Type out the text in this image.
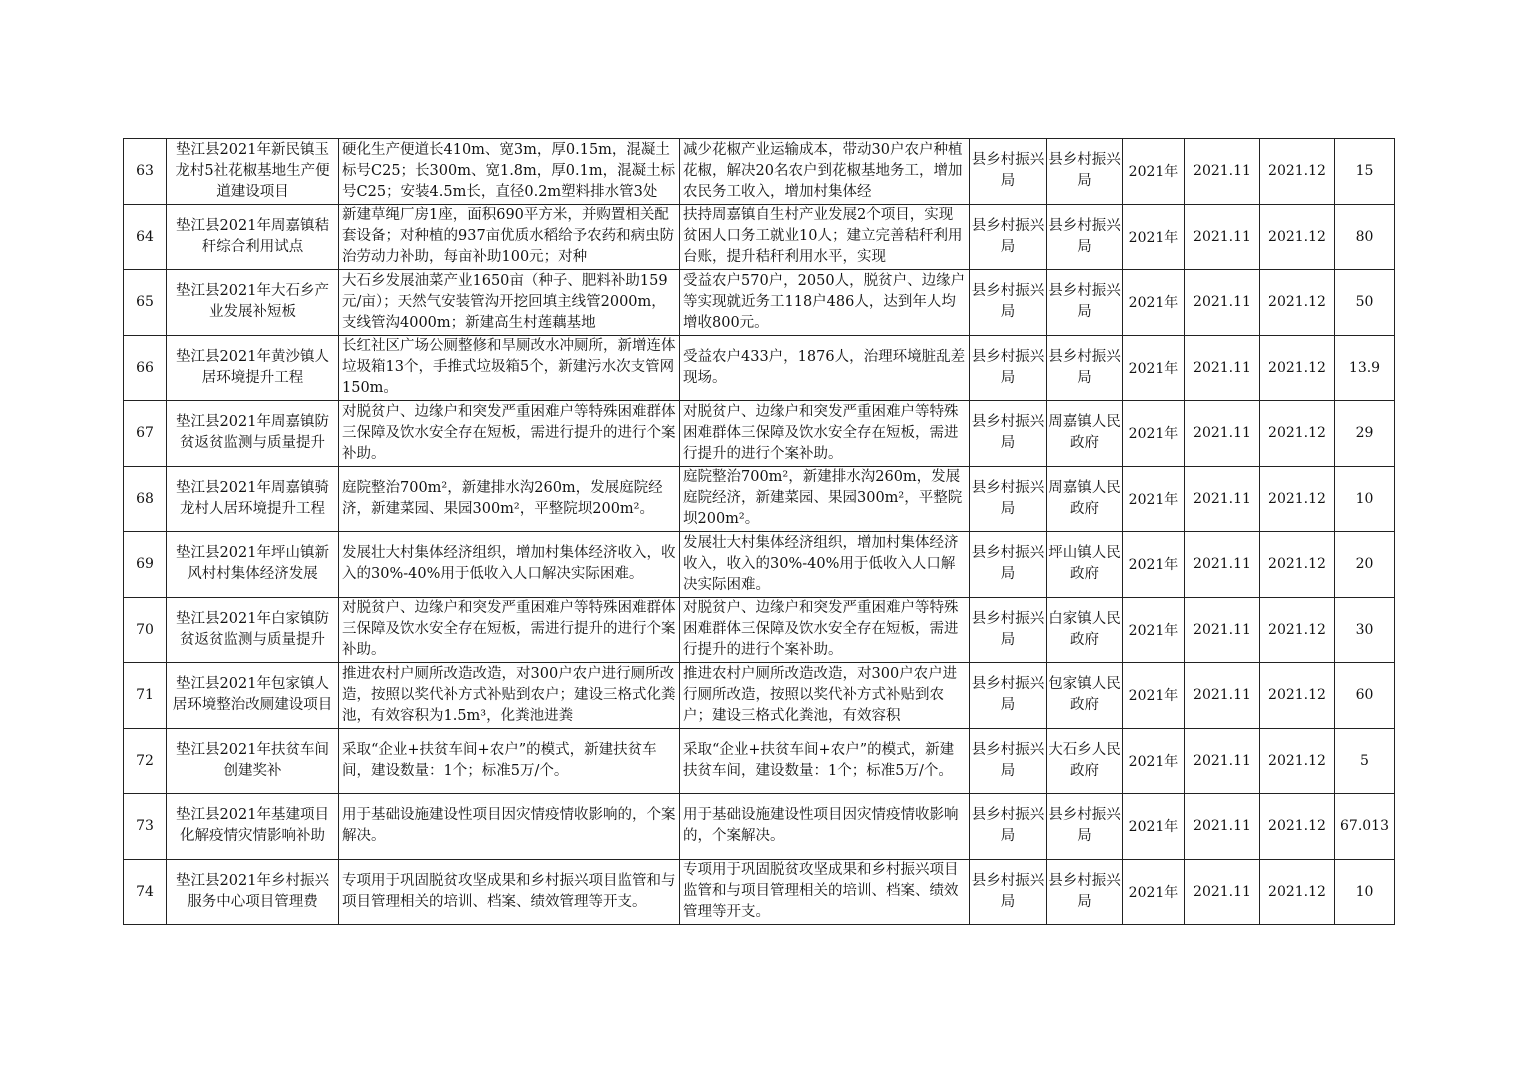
63	垫江县2021年新民镇玉龙村5社花椒基地生产便道建设项目	硬化生产便道长410m、宽3m，厚0.15m，混凝土标号C25；长300m、宽1.8m，厚0.1m，混凝土标号C25；安装4.5m长，直径0.2m塑料排水管3处	减少花椒产业运输成本，带动30户农户种植花椒，解决20名农户到花椒基地务工，增加农民务工收入，增加村集体经	县乡村振兴局	县乡村振兴局	2021年	2021.11	2021.12	15
64	垫江县2021年周嘉镇秸秆综合利用试点	新建草绳厂房1座，面积690平方米，并购置相关配套设备；对种植的937亩优质水稻给予农药和病虫防治劳动力补助，每亩补助100元；对种	扶持周嘉镇自生村产业发展2个项目，实现贫困人口务工就业10人；建立完善秸秆利用台账，提升秸秆利用水平，实现	县乡村振兴局	县乡村振兴局	2021年	2021.11	2021.12	80
65	垫江县2021年大石乡产业发展补短板	大石乡发展油菜产业1650亩（种子、肥料补助159元/亩）；天然气安装管沟开挖回填主线管2000m，支线管沟4000m；新建高生村莲藕基地	受益农户570户，2050人，脱贫户、边缘户等实现就近务工118户486人，达到年人均增收800元。	县乡村振兴局	县乡村振兴局	2021年	2021.11	2021.12	50
66	垫江县2021年黄沙镇人居环境提升工程	长红社区广场公厕整修和旱厕改水冲厕所，新增连体垃圾箱13个，手推式垃圾箱5个，新建污水次支管网150m。	受益农户433户，1876人，治理环境脏乱差现场。	县乡村振兴局	县乡村振兴局	2021年	2021.11	2021.12	13.9
67	垫江县2021年周嘉镇防贫返贫监测与质量提升	对脱贫户、边缘户和突发严重困难户等特殊困难群体三保障及饮水安全存在短板，需进行提升的进行个案补助。	对脱贫户、边缘户和突发严重困难户等特殊困难群体三保障及饮水安全存在短板，需进行提升的进行个案补助。	县乡村振兴局	周嘉镇人民政府	2021年	2021.11	2021.12	29
68	垫江县2021年周嘉镇骑龙村人居环境提升工程	庭院整治700m²，新建排水沟260m，发展庭院经济，新建菜园、果园300m²，平整院坝200m²。	庭院整治700m²，新建排水沟260m，发展庭院经济，新建菜园、果园300m²，平整院坝200m²。	县乡村振兴局	周嘉镇人民政府	2021年	2021.11	2021.12	10
69	垫江县2021年坪山镇新风村村集体经济发展	发展壮大村集体经济组织，增加村集体经济收入，收入的30%-40%用于低收入人口解决实际困难。	发展壮大村集体经济组织，增加村集体经济收入，收入的30%-40%用于低收入人口解决实际困难。	县乡村振兴局	坪山镇人民政府	2021年	2021.11	2021.12	20
70	垫江县2021年白家镇防贫返贫监测与质量提升	对脱贫户、边缘户和突发严重困难户等特殊困难群体三保障及饮水安全存在短板，需进行提升的进行个案补助。	对脱贫户、边缘户和突发严重困难户等特殊困难群体三保障及饮水安全存在短板，需进行提升的进行个案补助。	县乡村振兴局	白家镇人民政府	2021年	2021.11	2021.12	30
71	垫江县2021年包家镇人居环境整治改厕建设项目	推进农村户厕所改造改造，对300户农户进行厕所改造，按照以奖代补方式补贴到农户；建设三格式化粪池，有效容积为1.5m³，化粪池进粪	推进农村户厕所改造改造，对300户农户进行厕所改造，按照以奖代补方式补贴到农户；建设三格式化粪池，有效容积	县乡村振兴局	包家镇人民政府	2021年	2021.11	2021.12	60
72	垫江县2021年扶贫车间创建奖补	采取“企业+扶贫车间+农户”的模式，新建扶贫车间，建设数量：1个；标准5万/个。	采取“企业+扶贫车间+农户”的模式，新建扶贫车间，建设数量：1个；标准5万/个。	县乡村振兴局	大石乡人民政府	2021年	2021.11	2021.12	5
73	垫江县2021年基建项目化解疫情灾情影响补助	用于基础设施建设性项目因灾情疫情收影响的，个案解决。	用于基础设施建设性项目因灾情疫情收影响的，个案解决。	县乡村振兴局	县乡村振兴局	2021年	2021.11	2021.12	67.013
74	垫江县2021年乡村振兴服务中心项目管理费	专项用于巩固脱贫攻坚成果和乡村振兴项目监管和与项目管理相关的培训、档案、绩效管理等开支。	专项用于巩固脱贫攻坚成果和乡村振兴项目监管和与项目管理相关的培训、档案、绩效管理等开支。	县乡村振兴局	县乡村振兴局	2021年	2021.11	2021.12	10
